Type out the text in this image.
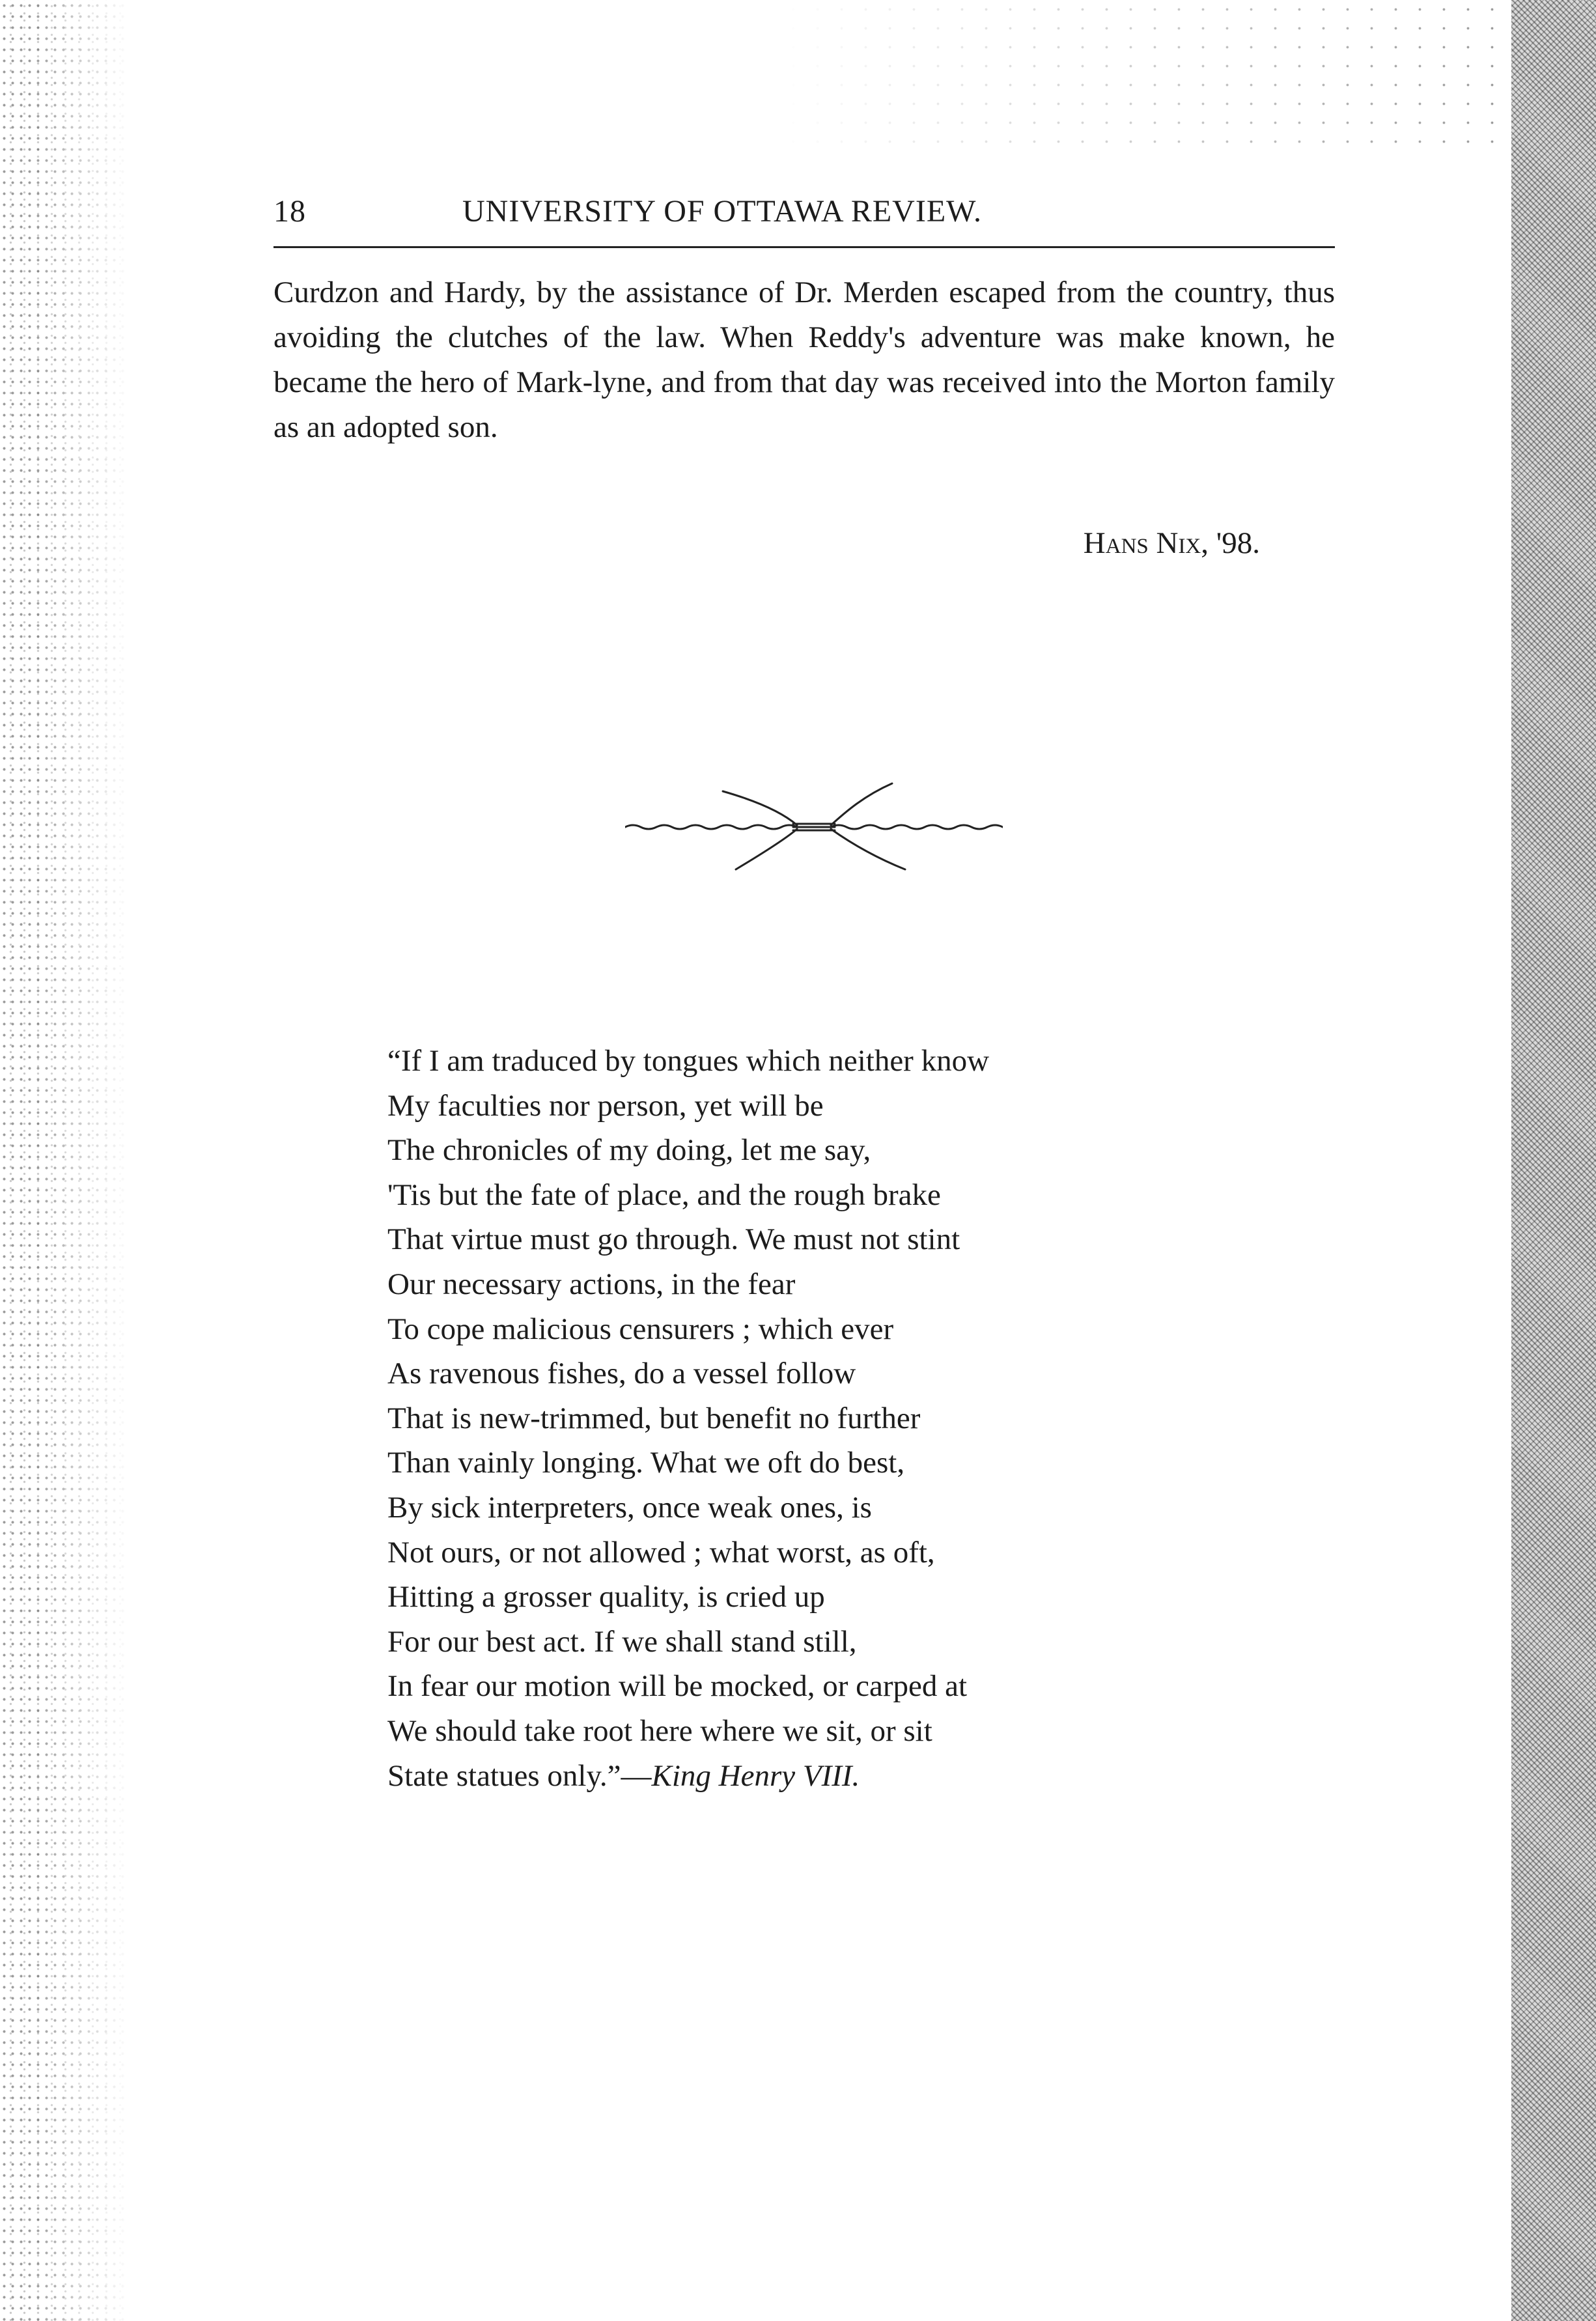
18	UNIVERSITY OF OTTAWA REVIEW.

Curdzon and Hardy, by the assistance of Dr. Merden escaped from the country, thus avoiding the clutches of the law. When Reddy's adventure was make known, he became the hero of Mark-lyne, and from that day was received into the Morton family as an adopted son.

Hans Nix, '98.
“If I am traduced by tongues which neither know
My faculties nor person, yet will be
The chronicles of my doing, let me say,
'Tis but the fate of place, and the rough brake
That virtue must go through. We must not stint
Our necessary actions, in the fear
To cope malicious censurers ; which ever
As ravenous fishes, do a vessel follow
That is new-trimmed, but benefit no further
Than vainly longing. What we oft do best,
By sick interpreters, once weak ones, is
Not ours, or not allowed ; what worst, as oft,
Hitting a grosser quality, is cried up
For our best act. If we shall stand still,
In fear our motion will be mocked, or carped at
We should take root here where we sit, or sit
State statues only.”—King Henry VIII.
